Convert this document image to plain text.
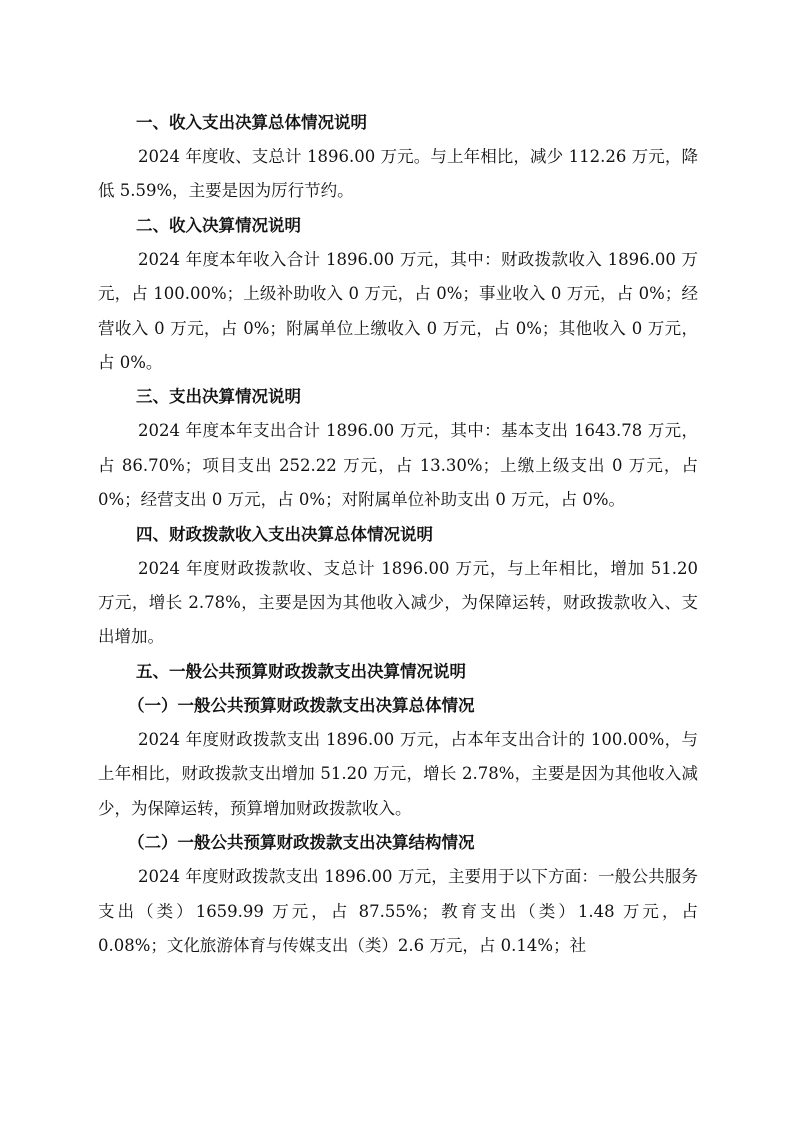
一、收入支出决算总体情况说明

2024 年度收、支总计 1896.00 万元。与上年相比，减少 112.26 万元，降低 5.59%，主要是因为厉行节约。

二、收入决算情况说明

2024 年度本年收入合计 1896.00 万元，其中：财政拨款收入 1896.00 万元，占 100.00%；上级补助收入 0 万元，占 0%；事业收入 0 万元，占 0%；经营收入 0 万元，占 0%；附属单位上缴收入 0 万元，占 0%；其他收入 0 万元，占 0%。

三、支出决算情况说明

2024 年度本年支出合计 1896.00 万元，其中：基本支出 1643.78 万元，占 86.70%；项目支出 252.22 万元，占 13.30%；上缴上级支出 0 万元，占 0%；经营支出 0 万元，占 0%；对附属单位补助支出 0 万元，占 0%。

四、财政拨款收入支出决算总体情况说明

2024 年度财政拨款收、支总计 1896.00 万元，与上年相比，增加 51.20 万元，增长 2.78%，主要是因为其他收入减少，为保障运转，财政拨款收入、支出增加。

五、一般公共预算财政拨款支出决算情况说明
（一）一般公共预算财政拨款支出决算总体情况

2024 年度财政拨款支出 1896.00 万元，占本年支出合计的 100.00%，与上年相比，财政拨款支出增加 51.20 万元，增长 2.78%，主要是因为其他收入减少，为保障运转，预算增加财政拨款收入。

（二）一般公共预算财政拨款支出决算结构情况

2024 年度财政拨款支出 1896.00 万元，主要用于以下方面：一般公共服务支出（类）1659.99 万元，占 87.55%；教育支出（类）1.48 万元，占 0.08%；文化旅游体育与传媒支出（类）2.6 万元，占 0.14%；社
